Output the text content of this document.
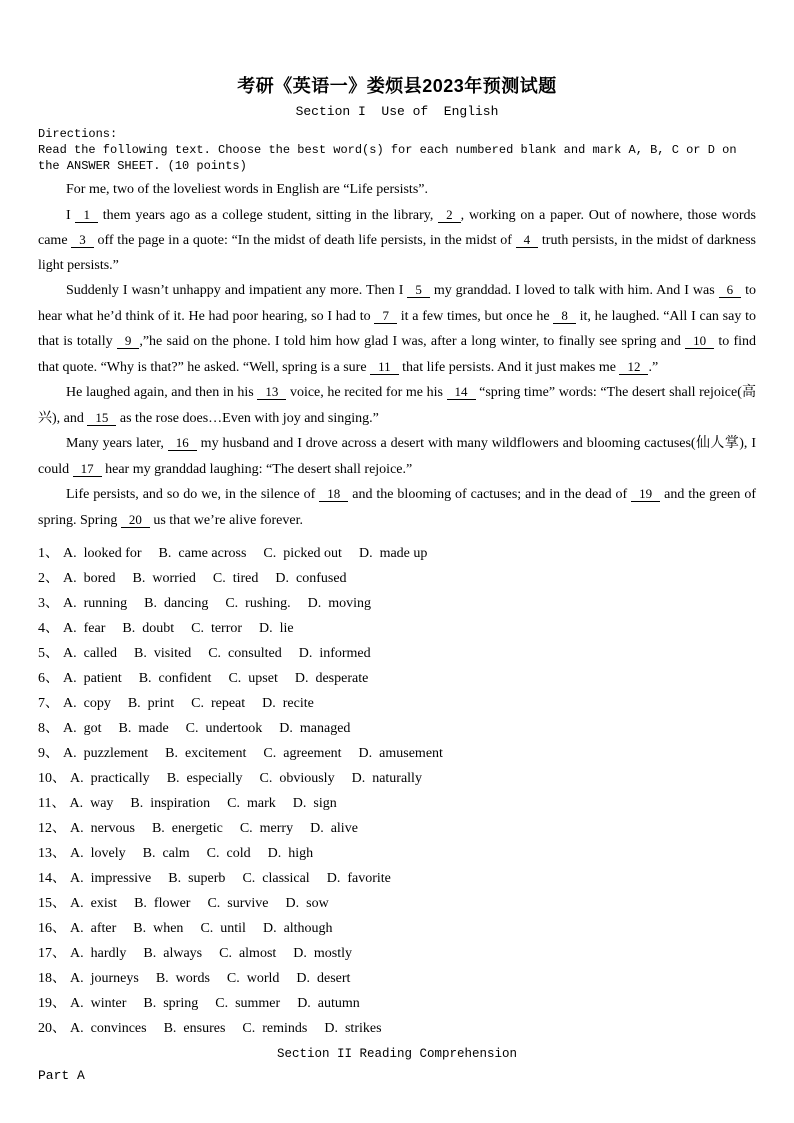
考研《英语一》娄烦县2023年预测试题
Section I  Use of  English
Directions:
Read the following text. Choose the best word(s) for each numbered blank and mark A, B, C or D on the ANSWER SHEET. (10 points)

For me, two of the loveliest words in English are “Life persists”.

I 1 them years ago as a college student, sitting in the library, 2 , working on a paper. Out of nowhere, those words came 3 off the page in a quote: “In the midst of death life persists, in the midst of 4 truth persists, in the midst of darkness light persists.”

Suddenly I wasn’t unhappy and impatient any more. Then I 5 my granddad. I loved to talk with him. And I was 6 to hear what he’d think of it. He had poor hearing, so I had to 7 it a few times, but once he 8 it, he laughed. “All I can say to that is totally 9 ,”he said on the phone. I told him how glad I was, after a long winter, to finally see spring and 10 to find that quote. “Why is that?” he asked. “Well, spring is a sure 11 that life persists. And it just makes me 12 .”

He laughed again, and then in his 13 voice, he recited for me his 14 “spring time” words: “The desert shall rejoice(高兴), and 15 as the rose does…Even with joy and singing.”

Many years later, 16 my husband and I drove across a desert with many wildflowers and blooming cactuses(仙人掌), I could 17 hear my granddad laughing: “The desert shall rejoice.”

Life persists, and so do we, in the silence of 18 and the blooming of cactuses; and in the dead of 19 and the green of spring. Spring 20 us that we’re alive forever.

1、 A.  looked for B.  came across C.  picked out D.  made up
2、 A.  bored B.  worried C.  tired D.  confused
3、 A.  running B.  dancing C.  rushing. D.  moving
4、 A.  fear B.  doubt C.  terror D.  lie
5、 A.  called B.  visited C.  consulted D.  informed
6、 A.  patient B.  confident C.  upset D.  desperate
7、 A.  copy B.  print C.  repeat D.  recite
8、 A.  got B.  made C.  undertook D.  managed
9、 A.  puzzlement B.  excitement C.  agreement D.  amusement
10、 A.  practically B.  especially C.  obviously D.  naturally
11、 A.  way B.  inspiration C.  mark D.  sign
12、 A.  nervous B.  energetic C.  merry D.  alive
13、 A.  lovely B.  calm C.  cold D.  high
14、 A.  impressive B.  superb C.  classical D.  favorite
15、 A.  exist B.  flower C.  survive D.  sow
16、 A.  after B.  when C.  until D.  although
17、 A.  hardly B.  always C.  almost D.  mostly
18、 A.  journeys B.  words C.  world D.  desert
19、 A.  winter B.  spring C.  summer D.  autumn
20、 A.  convinces B.  ensures C.  reminds D.  strikes
Section II Reading Comprehension
Part A
